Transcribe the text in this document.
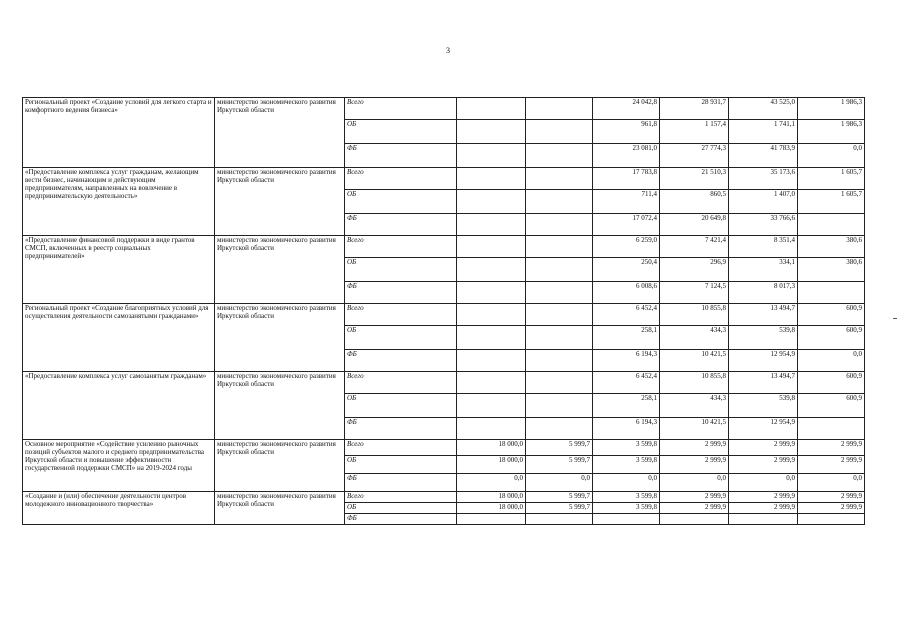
3
Региональный проект «Создание условий для легкого старта и комфортного ведения бизнеса»	министерство экономического развития Иркутской области	Всего			24 042,8	28 931,7	43 525,0	1 986,3
		ОБ			961,8	1 157,4	1 741,1	1 986,3
		ФБ			23 081,0	27 774,3	41 783,9	0,0
«Предоставление комплекса услуг гражданам, желающим вести бизнес, начинающим и действующим предпринимателям, направленных на вовлечение в предпринимательскую деятельность»	министерство экономического развития Иркутской области	Всего			17 783,8	21 510,3	35 173,6	1 605,7
		ОБ			711,4	860,5	1 407,0	1 605,7
		ФБ			17 072,4	20 649,8	33 766,6	
«Предоставление финансовой поддержки в виде грантов СМСП, включенных в реестр социальных предпринимателей»	министерство экономического развития Иркутской области	Всего			6 259,0	7 421,4	8 351,4	380,6
		ОБ			250,4	296,9	334,1	380,6
		ФБ			6 008,6	7 124,5	8 017,3	
Региональный проект «Создание благоприятных условий для осуществления деятельности самозанятыми гражданами»	министерство экономического развития Иркутской области	Всего			6 452,4	10 855,8	13 494,7	600,9
		ОБ			258,1	434,3	539,8	600,9
		ФБ			6 194,3	10 421,5	12 954,9	0,0
«Предоставление комплекса услуг самозанятым гражданам»	министерство экономического развития Иркутской области	Всего			6 452,4	10 855,8	13 494,7	600,9
		ОБ			258,1	434,3	539,8	600,9
		ФБ			6 194,3	10 421,5	12 954,9	
Основное мероприятие «Содействие усилению рыночных позиций субъектов малого и среднего предпринимательства Иркутской области и повышение эффективности государственной поддержки СМСП» на 2019-2024 годы	министерство экономического развития Иркутской области	Всего	18 000,0	5 999,7	3 599,8	2 999,9	2 999,9	2 999,9
		ОБ	18 000,0	5 999,7	3 599,8	2 999,9	2 999,9	2 999,9
		ФБ	0,0	0,0	0,0	0,0	0,0	0,0
«Создание и (или) обеспечение деятельности центров молодежного инновационного творчества»	министерство экономического развития Иркутской области	Всего	18 000,0	5 999,7	3 599,8	2 999,9	2 999,9	2 999,9
		ОБ	18 000,0	5 999,7	3 599,8	2 999,9	2 999,9	2 999,9
		ФБ						
